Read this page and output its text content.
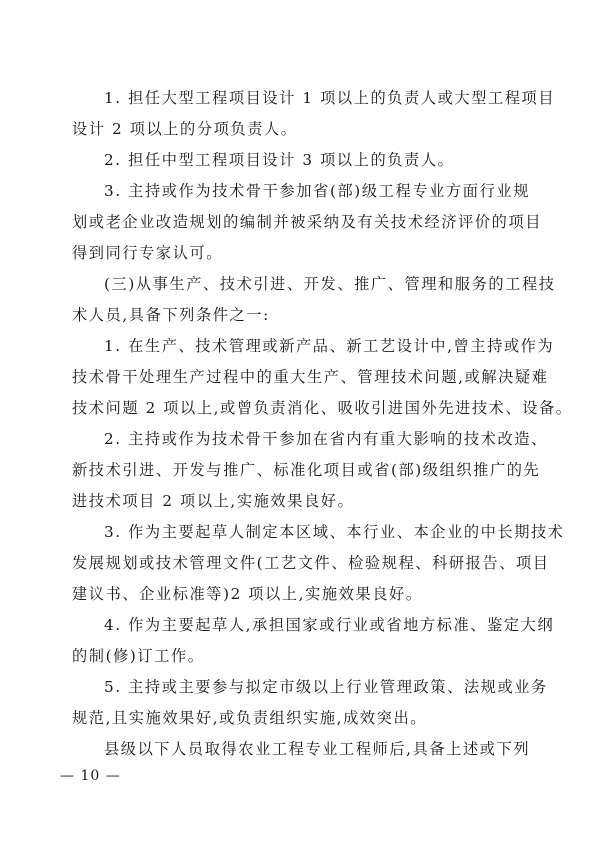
1. 担任大型工程项目设计 1 项以上的负责人或大型工程项目
设计 2 项以上的分项负责人。
2. 担任中型工程项目设计 3 项以上的负责人。
3. 主持或作为技术骨干参加省(部)级工程专业方面行业规
划或老企业改造规划的编制并被采纳及有关技术经济评价的项目
得到同行专家认可。
(三)从事生产、技术引进、开发、推广、管理和服务的工程技
术人员,具备下列条件之一:
1. 在生产、技术管理或新产品、新工艺设计中,曾主持或作为
技术骨干处理生产过程中的重大生产、管理技术问题,或解决疑难
技术问题 2 项以上,或曾负责消化、吸收引进国外先进技术、设备。
2. 主持或作为技术骨干参加在省内有重大影响的技术改造、
新技术引进、开发与推广、标准化项目或省(部)级组织推广的先
进技术项目 2 项以上,实施效果良好。
3. 作为主要起草人制定本区域、本行业、本企业的中长期技术
发展规划或技术管理文件(工艺文件、检验规程、科研报告、项目
建议书、企业标准等)2 项以上,实施效果良好。
4. 作为主要起草人,承担国家或行业或省地方标准、鉴定大纲
的制(修)订工作。
5. 主持或主要参与拟定市级以上行业管理政策、法规或业务
规范,且实施效果好,或负责组织实施,成效突出。
县级以下人员取得农业工程专业工程师后,具备上述或下列
— 10 —
